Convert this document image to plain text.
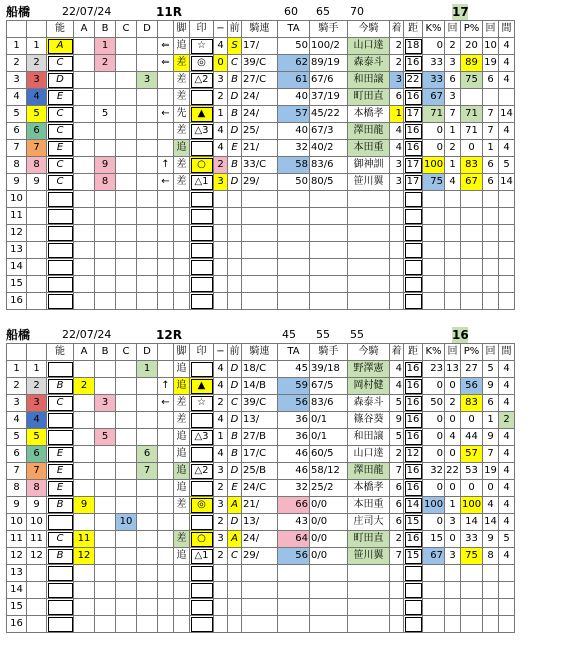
船橋	22/07/24	11R	60 65 70	17
		能	A	B	C	D		脚	印	−	前	騎連	TA	騎手	今騎	着	距	K%	回	P%	回	間
1	1	A		1			⇐	追	☆	4	S	17/	50	100/2	山口達	2	18	0	2	20	10	4
2	2	C		2			⇐	差	◎	0	C	39/C	62	89/19	森泰斗	2	16	33	3	89	19	4
3	3	D				3		差	△2	3	B	27/C	61	67/6	和田譲	3	22	33	6	75	6	4
4	4	E						差		2	D	24/	40	37/19	町田直	6	16	67	3			
5	5	C		5			←	先	▲	1	B	24/	57	45/22	本橋孝	1	17	71	7	71	7	14
6	6	C						差	△3	4	D	25/	40	67/3	澤田龍	4	16	0	1	71	7	4
7	7	E						追		4	E	21/	32	40/2	本田重	4	16	0	2	0	1	4
8	8	C		9			↑	差	○	2	B	33/C	58	83/6	御神訓	3	17	100	1	83	6	5
9	9	C		8			←	差	△1	3	D	29/	50	80/5	笹川翼	3	17	75	4	67	6	14
10																						
11																						
12																						
13																						
14																						
15																						
16																						
船橋	22/07/24	12R	45 55 55	16
		能	A	B	C	D		脚	印	−	前	騎連	TA	騎手	今騎	着	距	K%	回	P%	回	間
1	1					1		追		4	D	18/C	45	39/18	野澤憲	4	16	23	13	27	5	4
2	2	B	2				↑	追	▲	4	D	14/B	59	67/5	岡村健	4	16	0	0	56	9	4
3	3	C		3			←	差	☆	2	C	39/C	56	83/6	森泰斗	5	16	50	2	83	6	4
4	4							差		4	D	13/	36	0/1	篠谷葵	9	16	0	0	0	1	2
5	5			5				追	△3	1	B	27/B	36	0/1	和田譲	5	16	0	4	44	9	4
6	6	E				6		追		4	B	17/C	46	60/5	山口達	2	12	0	0	57	7	4
7	7	E				7		追	△2	3	D	25/B	46	58/12	澤田龍	7	16	32	22	53	19	4
8	8	E						追		2	E	24/C	32	25/2	本橋孝	6	16	0	0	0	0	4
9	9	B	9					差	◎	3	A	21/	66	0/0	本田重	6	14	100	1	100	4	4
10	10				10					2	D	13/	43	0/0	庄司大	6	15	0	3	14	14	4
11	11	C	11					差	○	3	A	24/	64	0/0	町田直	2	16	15	0	33	9	5
12	12	B	12					追	△1	2	C	29/	56	0/0	笹川翼	7	15	67	3	75	8	4
13																						
14																						
15																						
16																						
